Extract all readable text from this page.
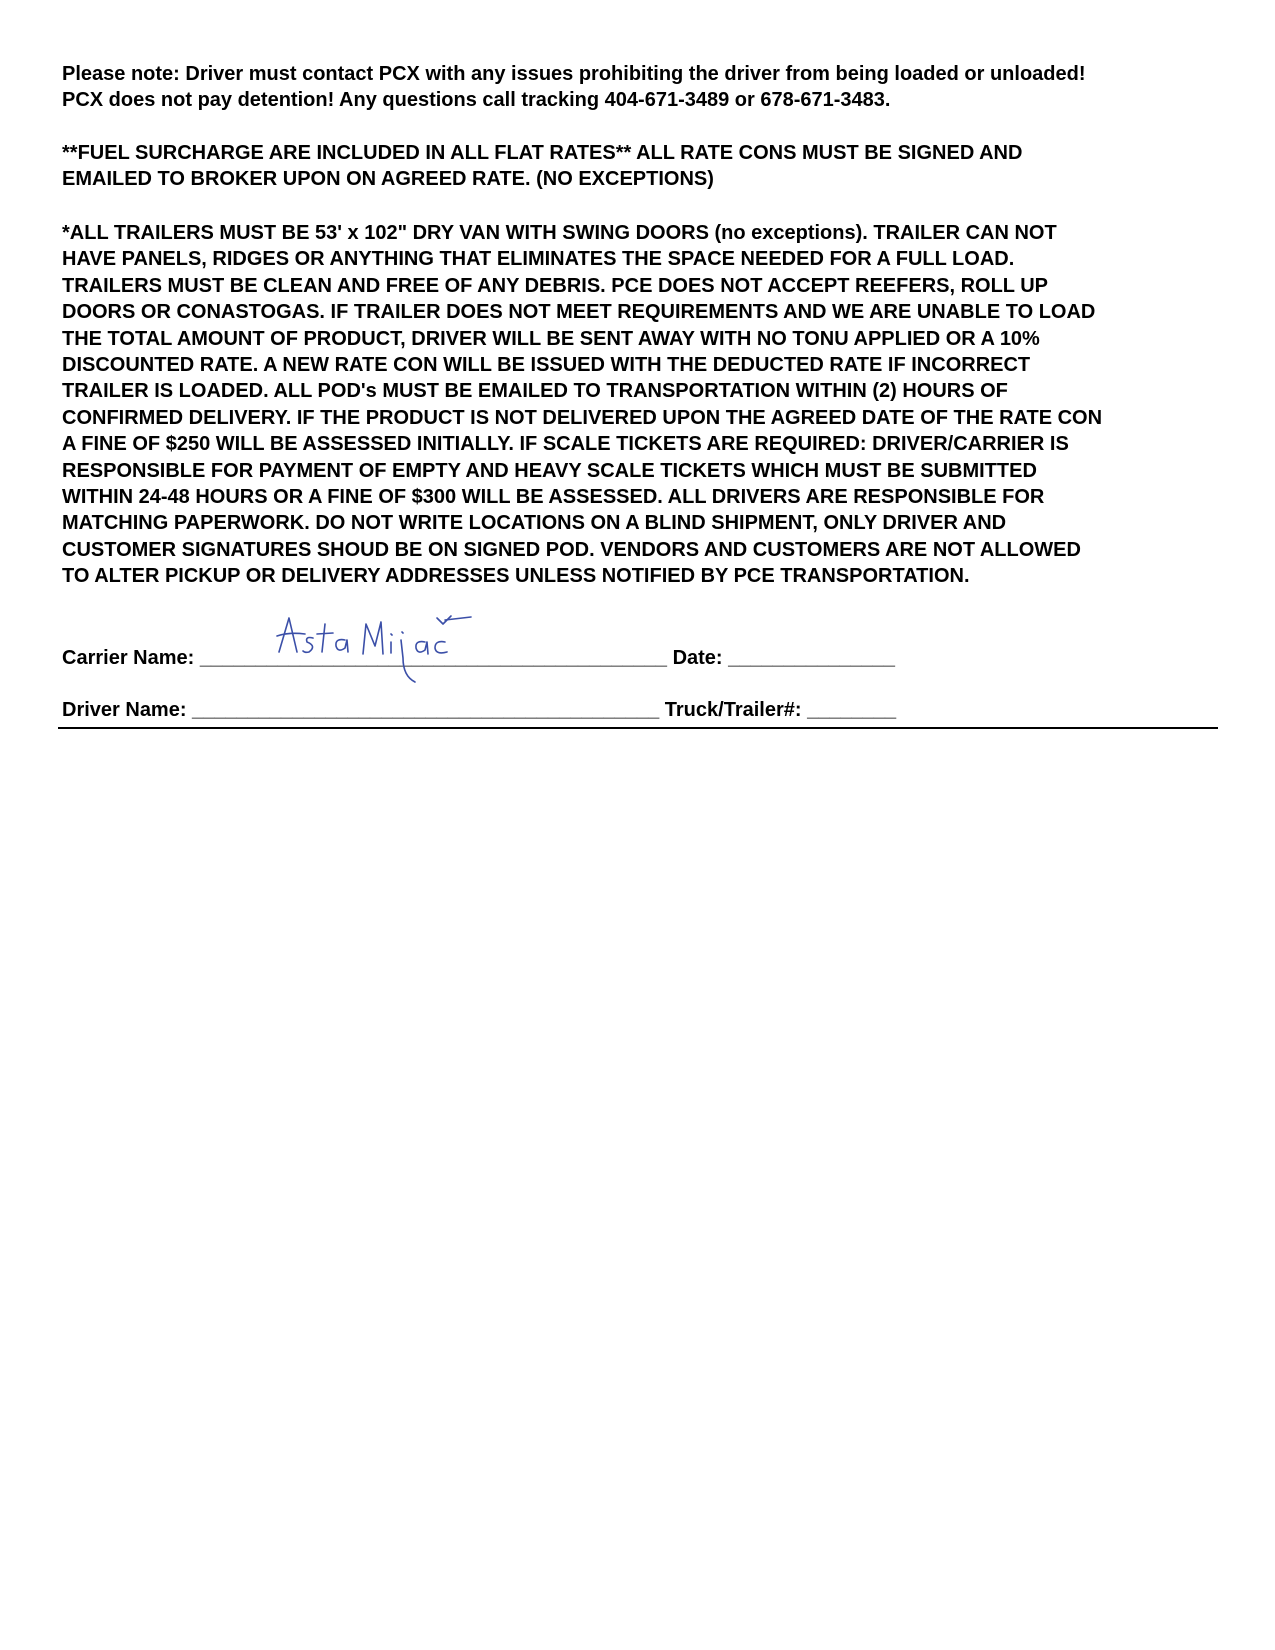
Please note: Driver must contact PCX with any issues prohibiting the driver from being loaded or unloaded!
PCX does not pay detention! Any questions call tracking 404-671-3489 or 678-671-3483.
**FUEL SURCHARGE ARE INCLUDED IN ALL FLAT RATES** ALL RATE CONS MUST BE SIGNED AND
EMAILED TO BROKER UPON ON AGREED RATE. (NO EXCEPTIONS)
*ALL TRAILERS MUST BE 53' x 102" DRY VAN WITH SWING DOORS (no exceptions). TRAILER CAN NOT
HAVE PANELS, RIDGES OR ANYTHING THAT ELIMINATES THE SPACE NEEDED FOR A FULL LOAD.
TRAILERS MUST BE CLEAN AND FREE OF ANY DEBRIS. PCE DOES NOT ACCEPT REEFERS, ROLL UP
DOORS OR CONASTOGAS. IF TRAILER DOES NOT MEET REQUIREMENTS AND WE ARE UNABLE TO LOAD
THE TOTAL AMOUNT OF PRODUCT, DRIVER WILL BE SENT AWAY WITH NO TONU APPLIED OR A 10%
DISCOUNTED RATE. A NEW RATE CON WILL BE ISSUED WITH THE DEDUCTED RATE IF INCORRECT
TRAILER IS LOADED. ALL POD's MUST BE EMAILED TO TRANSPORTATION WITHIN (2) HOURS OF
CONFIRMED DELIVERY. IF THE PRODUCT IS NOT DELIVERED UPON THE AGREED DATE OF THE RATE CON
A FINE OF $250 WILL BE ASSESSED INITIALLY. IF SCALE TICKETS ARE REQUIRED: DRIVER/CARRIER IS
RESPONSIBLE FOR PAYMENT OF EMPTY AND HEAVY SCALE TICKETS WHICH MUST BE SUBMITTED
WITHIN 24-48 HOURS OR A FINE OF $300 WILL BE ASSESSED. ALL DRIVERS ARE RESPONSIBLE FOR
MATCHING PAPERWORK. DO NOT WRITE LOCATIONS ON A BLIND SHIPMENT, ONLY DRIVER AND
CUSTOMER SIGNATURES SHOUD BE ON SIGNED POD. VENDORS AND CUSTOMERS ARE NOT ALLOWED
TO ALTER PICKUP OR DELIVERY ADDRESSES UNLESS NOTIFIED BY PCE TRANSPORTATION.
Carrier Name: __________________________________________ Date: _______________
Driver Name: __________________________________________ Truck/Trailer#: ________
